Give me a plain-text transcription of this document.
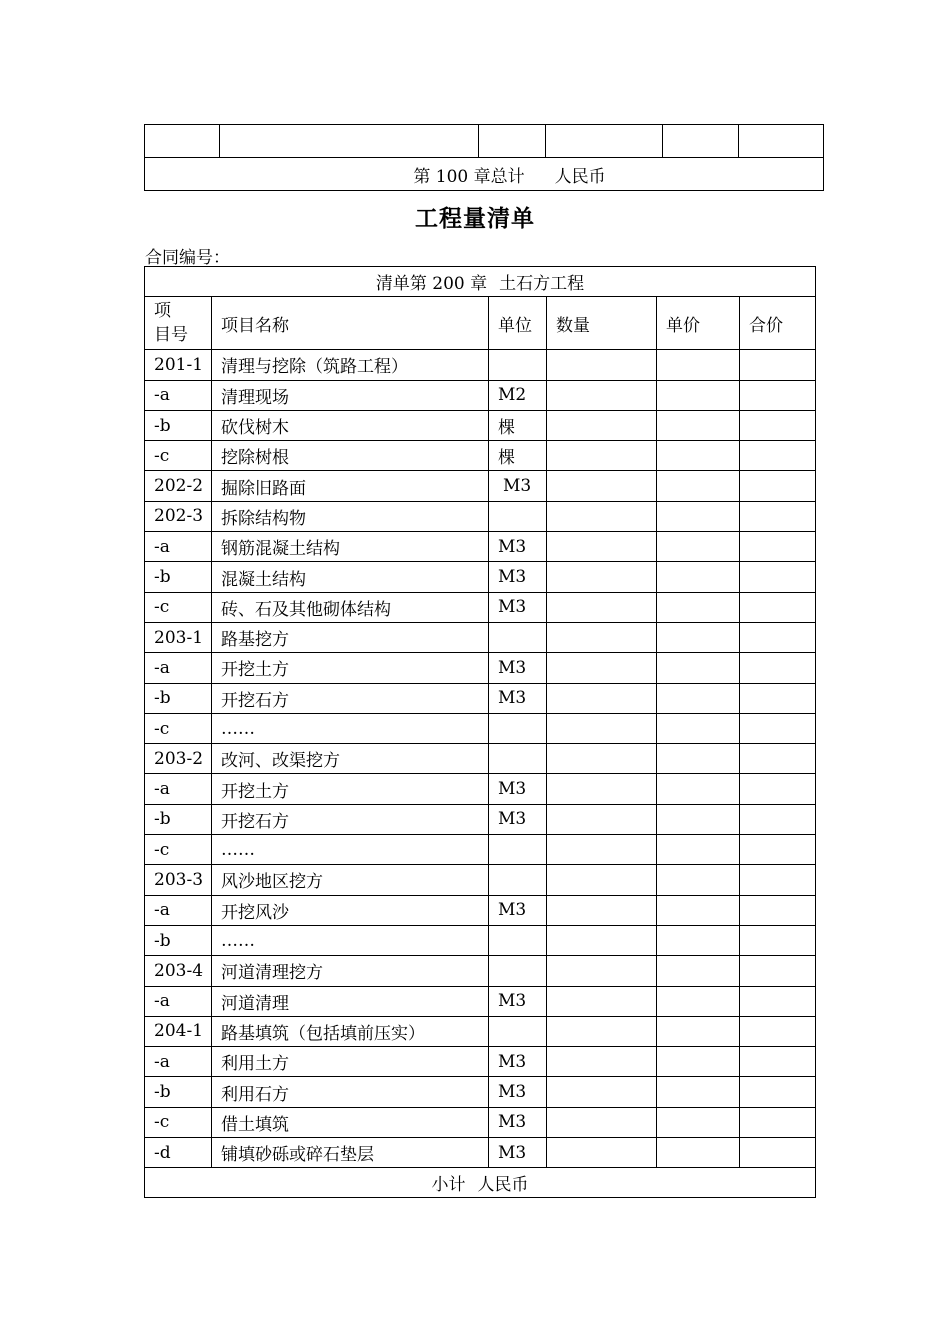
第 100 章总计 人民币
工程量清单
合同编号：
清单第 200 章 土石方工程					
项　目号	项目名称	单位	数量	单价	合价
201-1	清理与挖除（筑路工程）				
-a	清理现场	M2			
-b	砍伐树木	棵			
-c	挖除树根	棵			
202-2	掘除旧路面	M3			
202-3	拆除结构物				
-a	钢筋混凝土结构	M3			
-b	混凝土结构	M3			
-c	砖、石及其他砌体结构	M3			
203-1	路基挖方				
-a	开挖土方	M3			
-b	开挖石方	M3			
-c	……				
203-2	改河、改渠挖方				
-a	开挖土方	M3			
-b	开挖石方	M3			
-c	……				
203-3	风沙地区挖方				
-a	开挖风沙	M3			
-b	……				
203-4	河道清理挖方				
-a	河道清理	M3			
204-1	路基填筑（包括填前压实）				
-a	利用土方	M3			
-b	利用石方	M3			
-c	借土填筑	M3			
-d	铺填砂砾或碎石垫层	M3			
小计 人民币					
